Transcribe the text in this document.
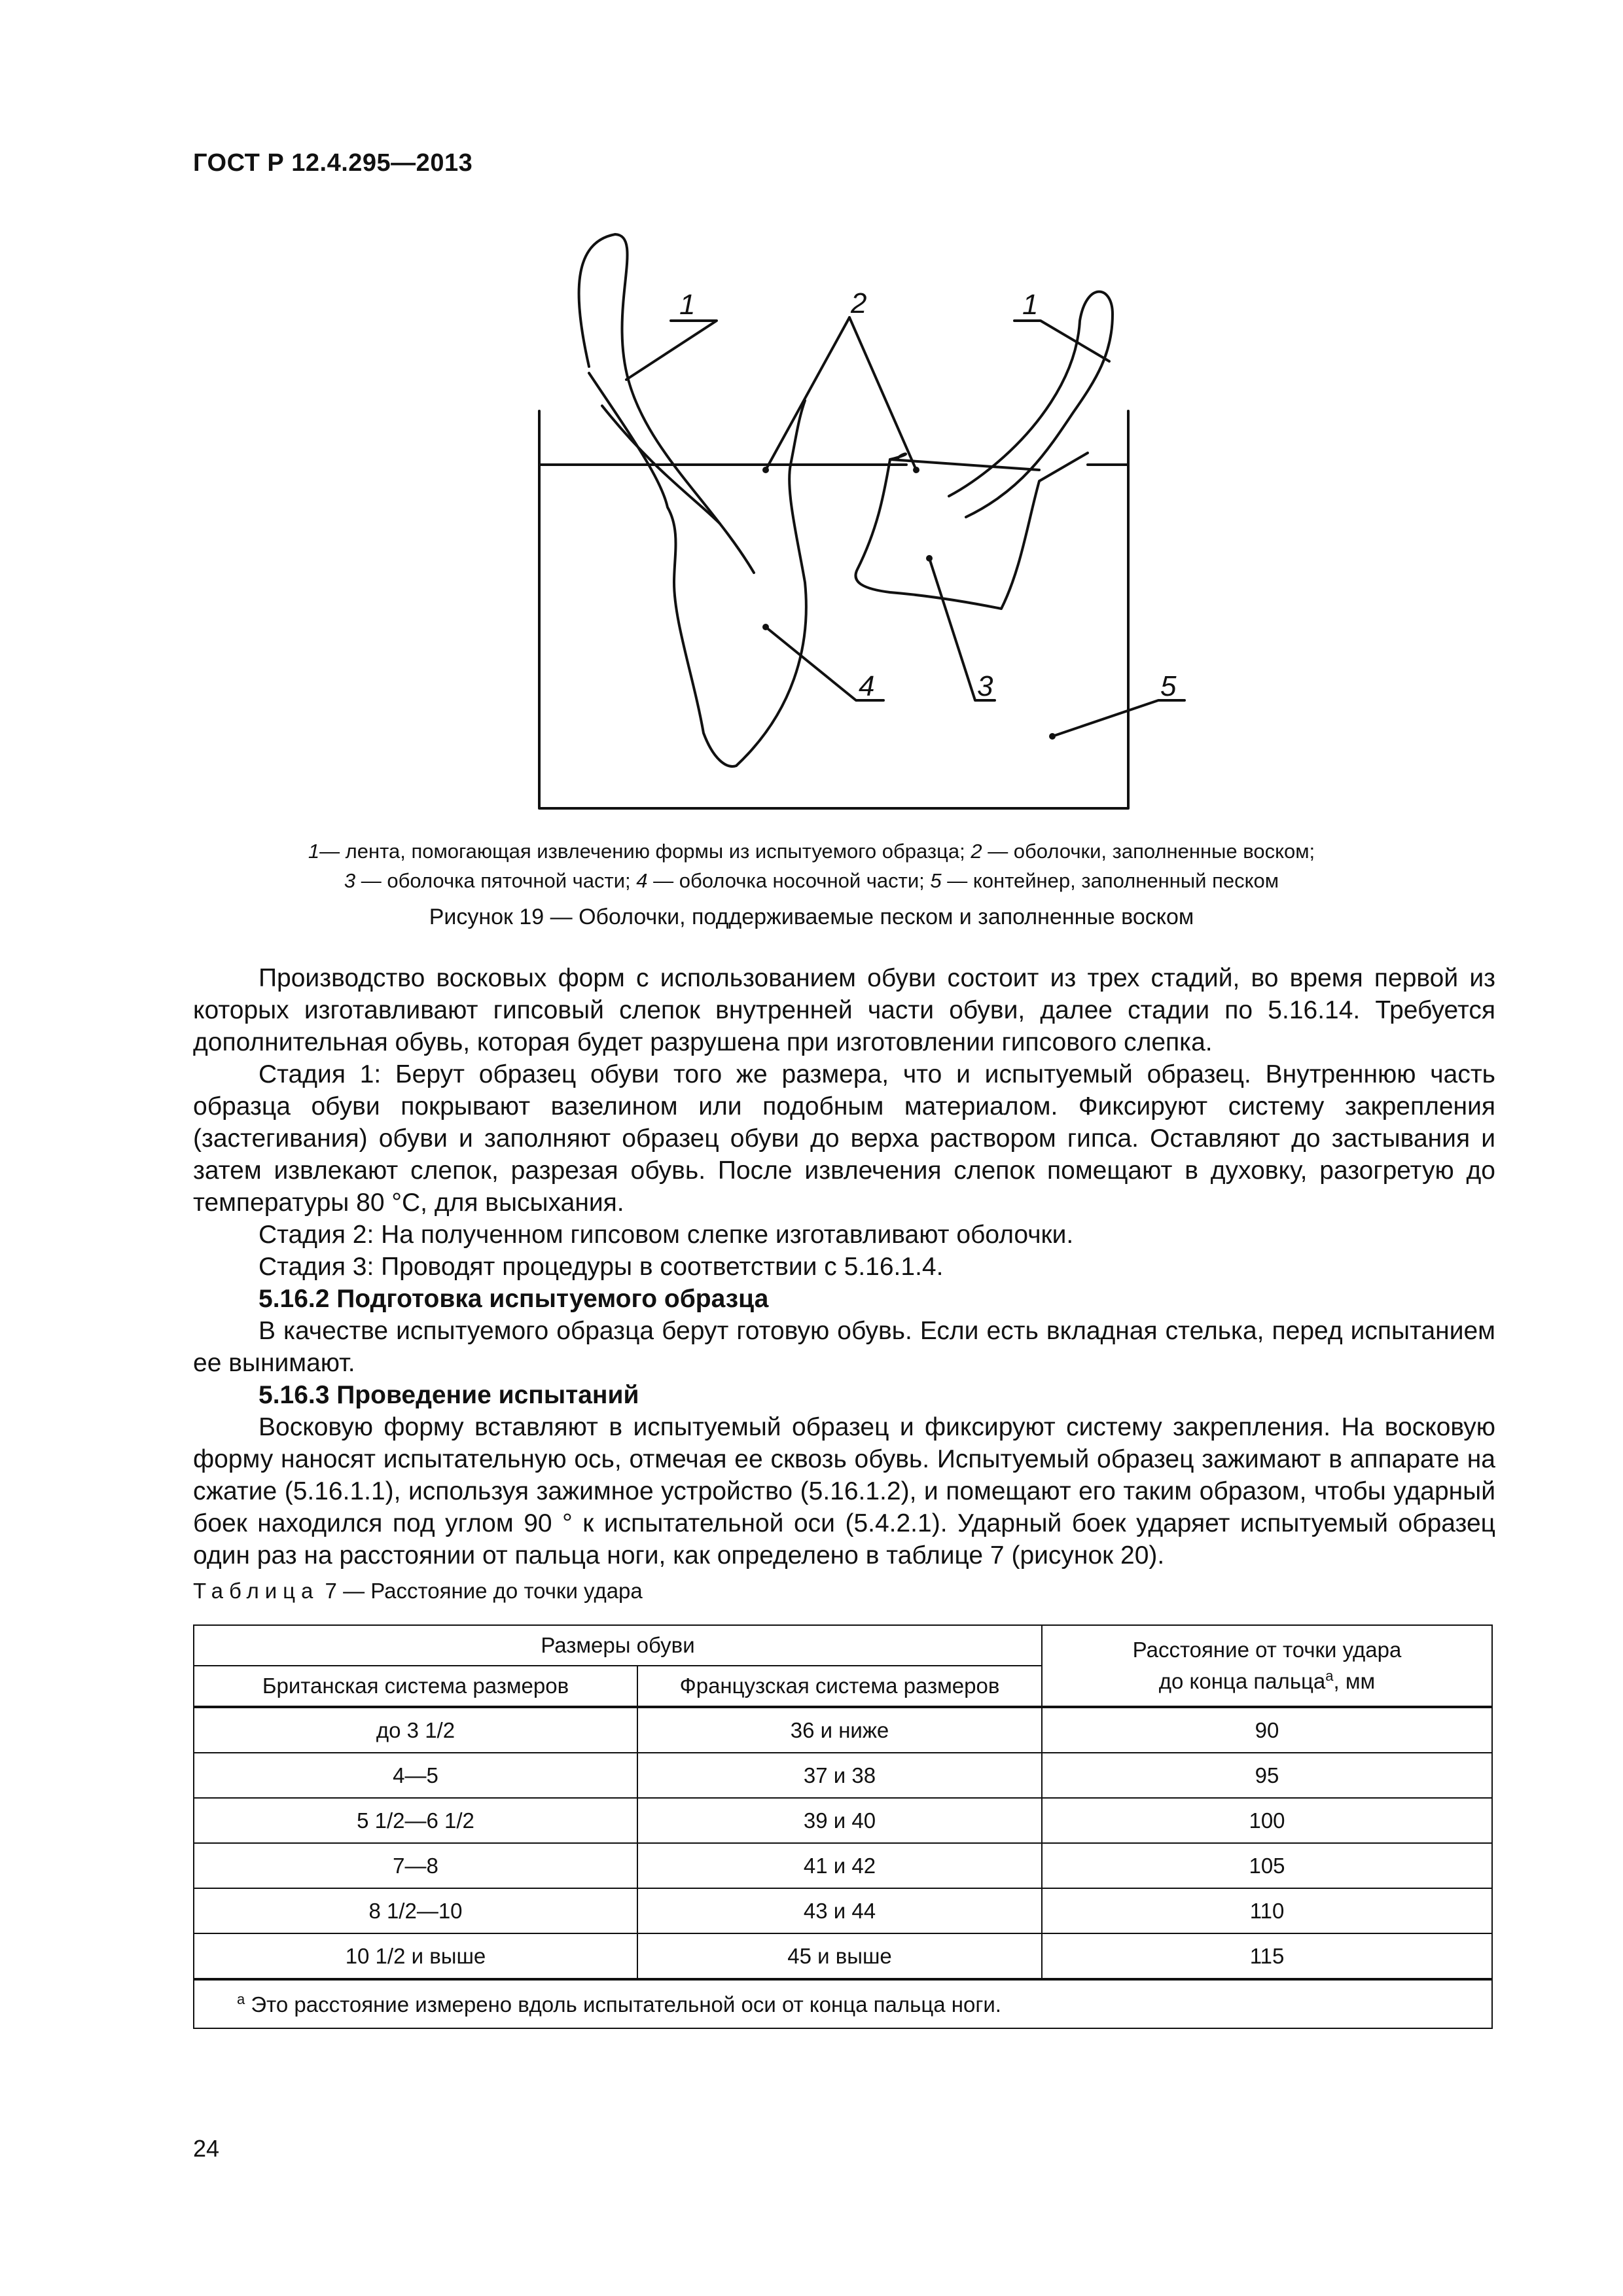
ГОСТ Р 12.4.295—2013
1	2	1
4	3	5
1— лента, помогающая извлечению формы из испытуемого образца; 2 — оболочки, заполненные воском;
3 — оболочка пяточной части; 4 — оболочка носочной части; 5 — контейнер, заполненный песком
Рисунок 19 — Оболочки, поддерживаемые песком и заполненные воском

Производство восковых форм с использованием обуви состоит из трех стадий, во время первой из которых изготавливают гипсовый слепок внутренней части обуви, далее стадии по 5.16.14. Требуется дополнительная обувь, которая будет разрушена при изготовлении гипсового слепка.

Стадия 1: Берут образец обуви того же размера, что и испытуемый образец. Внутреннюю часть образца обуви покрывают вазелином или подобным материалом. Фиксируют систему закрепления (застегивания) обуви и заполняют образец обуви до верха раствором гипса. Оставляют до застывания и затем извлекают слепок, разрезая обувь. После извлечения слепок помещают в духовку, разогретую до температуры 80 °С, для высыхания.

Стадия 2: На полученном гипсовом слепке изготавливают оболочки.

Стадия 3: Проводят процедуры в соответствии с 5.16.1.4.

5.16.2 Подготовка испытуемого образца

В качестве испытуемого образца берут готовую обувь. Если есть вкладная стелька, перед испытанием ее вынимают.

5.16.3 Проведение испытаний

Восковую форму вставляют в испытуемый образец и фиксируют систему закрепления. На восковую форму наносят испытательную ось, отмечая ее сквозь обувь. Испытуемый образец зажимают в аппарате на сжатие (5.16.1.1), используя зажимное устройство (5.16.1.2), и помещают его таким образом, чтобы ударный боек находился под углом 90 ° к испытательной оси (5.4.2.1). Ударный боек ударяет испытуемый образец один раз на расстоянии от пальца ноги, как определено в таблице 7 (рисунок 20).

Таблица 7 — Расстояние до точки удара
Размеры обуви		Расстояние от точки удара
до конца пальца$^a$, мм
Британская система размеров	Французская система размеров	
до 3 1/2	36 и ниже	90
4—5	37 и 38	95
5 1/2—6 1/2	39 и 40	100
7—8	41 и 42	105
8 1/2—10	43 и 44	110
10 1/2 и выше	45 и выше	115
$^a$ Это расстояние измерено вдоль испытательной оси от конца пальца ноги.		
24
